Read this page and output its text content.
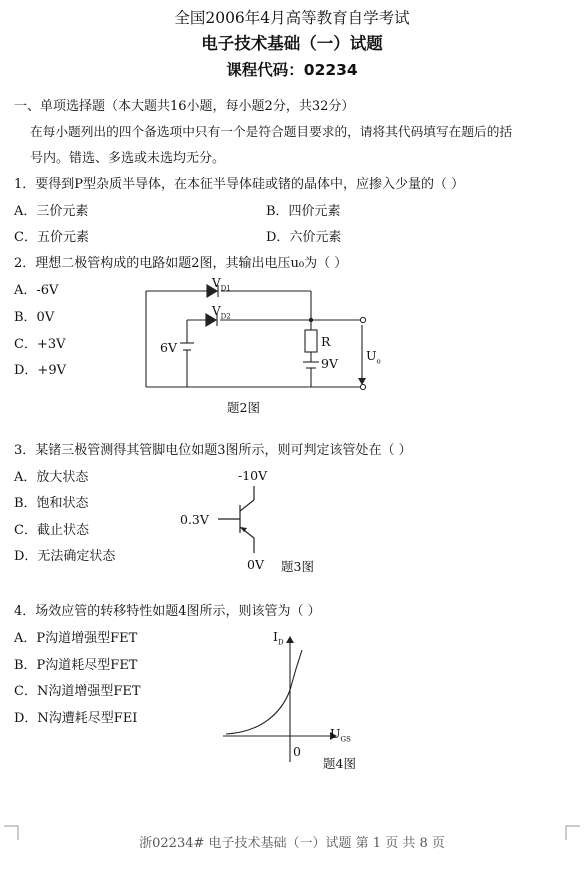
全国2006年4月高等教育自学考试
电子技术基础（一）试题
课程代码：02234
一、单项选择题（本大题共16小题，每小题2分，共32分）
在每小题列出的四个备选项中只有一个是符合题目要求的，请将其代码填写在题后的括
号内。错选、多选或未选均无分。
1．要得到P型杂质半导体，在本征半导体硅或锗的晶体中，应掺入少量的（ ）
A．三价元素	B．四价元素
C．五价元素	D．六价元素
2．理想二极管构成的电路如题2图，其输出电压u₀为（ ）
A．-6V
B．0V
C．+3V
D．+9V
$V_{D1}$
$V_{D2}$
6V	R
9V
$U_o$
题2图
3．某锗三极管测得其管脚电位如题3图所示，则可判定该管处在（ ）
A．放大状态
B．饱和状态
C．截止状态
D．无法确定状态
-10V
0.3V
0V 题3图
4．场效应管的转移特性如题4图所示，则该管为（ ）
A．P沟道增强型FET
B．P沟道耗尽型FET
C．N沟道增强型FET
D．N沟遭耗尽型FEI
$I_D$
$U_{GS}$
0
题4图
浙02234# 电子技术基础（一）试题 第 1 页 共 8 页
